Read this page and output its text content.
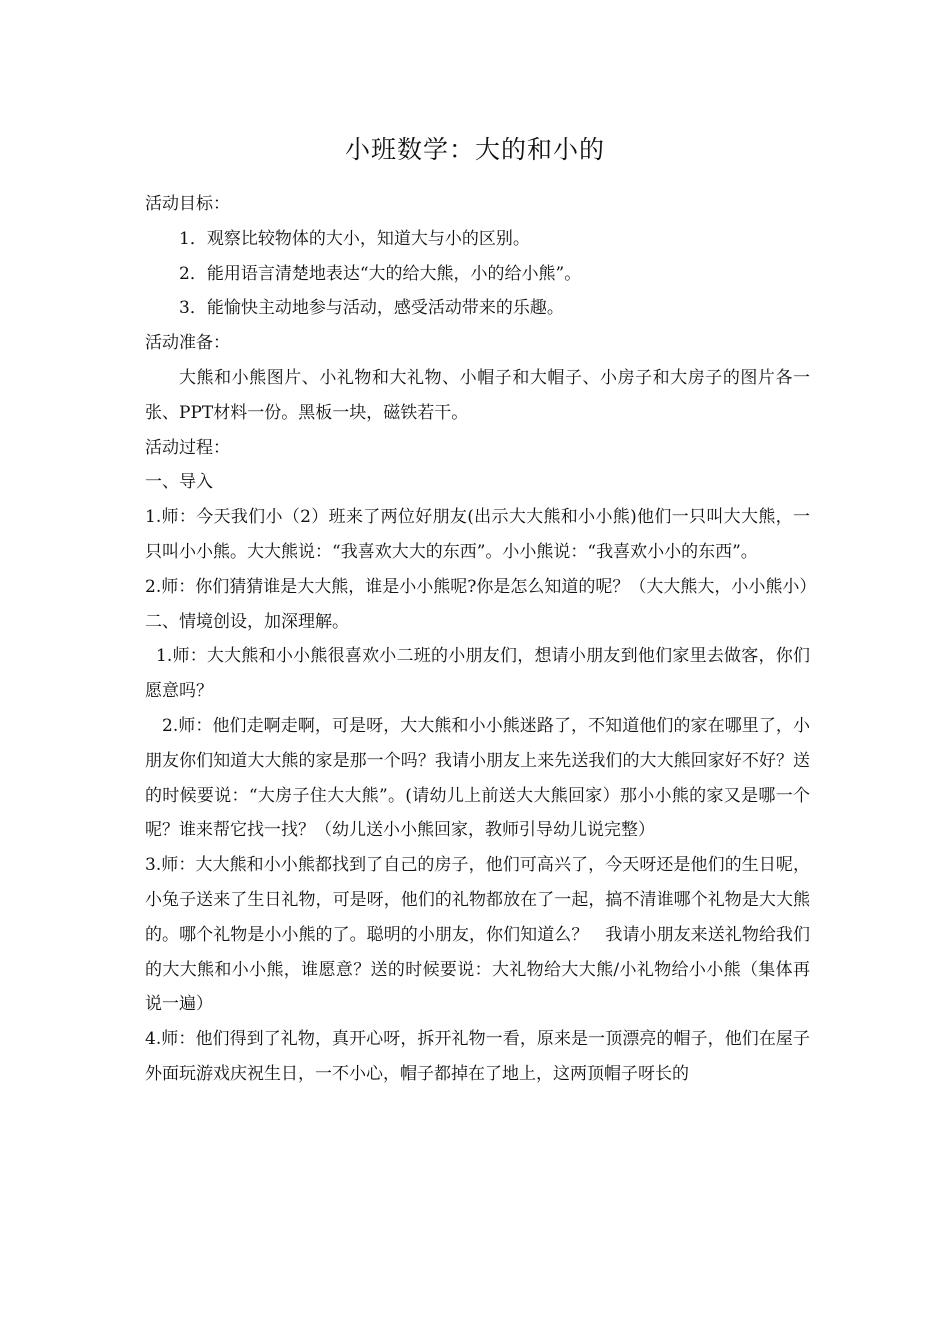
小班数学：大的和小的

活动目标：

1．观察比较物体的大小，知道大与小的区别。

2．能用语言清楚地表达“大的给大熊，小的给小熊”。

3．能愉快主动地参与活动，感受活动带来的乐趣。

活动准备：

大熊和小熊图片、小礼物和大礼物、小帽子和大帽子、小房子和大房子的图片各一张、PPT材料一份。黑板一块，磁铁若干。

活动过程：

一、导入

1.师：今天我们小（2）班来了两位好朋友(出示大大熊和小小熊)他们一只叫大大熊，一只叫小小熊。大大熊说：“我喜欢大大的东西”。小小熊说：“我喜欢小小的东西”。

2.师：你们猜猜谁是大大熊，谁是小小熊呢?你是怎么知道的呢？（大大熊大，小小熊小）

二、情境创设，加深理解。

1.师：大大熊和小小熊很喜欢小二班的小朋友们，想请小朋友到他们家里去做客，你们愿意吗？

2.师：他们走啊走啊，可是呀，大大熊和小小熊迷路了，不知道他们的家在哪里了，小朋友你们知道大大熊的家是那一个吗？我请小朋友上来先送我们的大大熊回家好不好？送的时候要说：“大房子住大大熊”。(请幼儿上前送大大熊回家）那小小熊的家又是哪一个呢？谁来帮它找一找？（幼儿送小小熊回家，教师引导幼儿说完整）

3.师：大大熊和小小熊都找到了自己的房子，他们可高兴了，今天呀还是他们的生日呢，小兔子送来了生日礼物，可是呀，他们的礼物都放在了一起，搞不清谁哪个礼物是大大熊的。哪个礼物是小小熊的了。聪明的小朋友，你们知道么？　我请小朋友来送礼物给我们的大大熊和小小熊，谁愿意？送的时候要说：大礼物给大大熊/小礼物给小小熊（集体再说一遍）

4.师：他们得到了礼物，真开心呀，拆开礼物一看，原来是一顶漂亮的帽子，他们在屋子外面玩游戏庆祝生日，一不小心，帽子都掉在了地上，这两顶帽子呀长的
